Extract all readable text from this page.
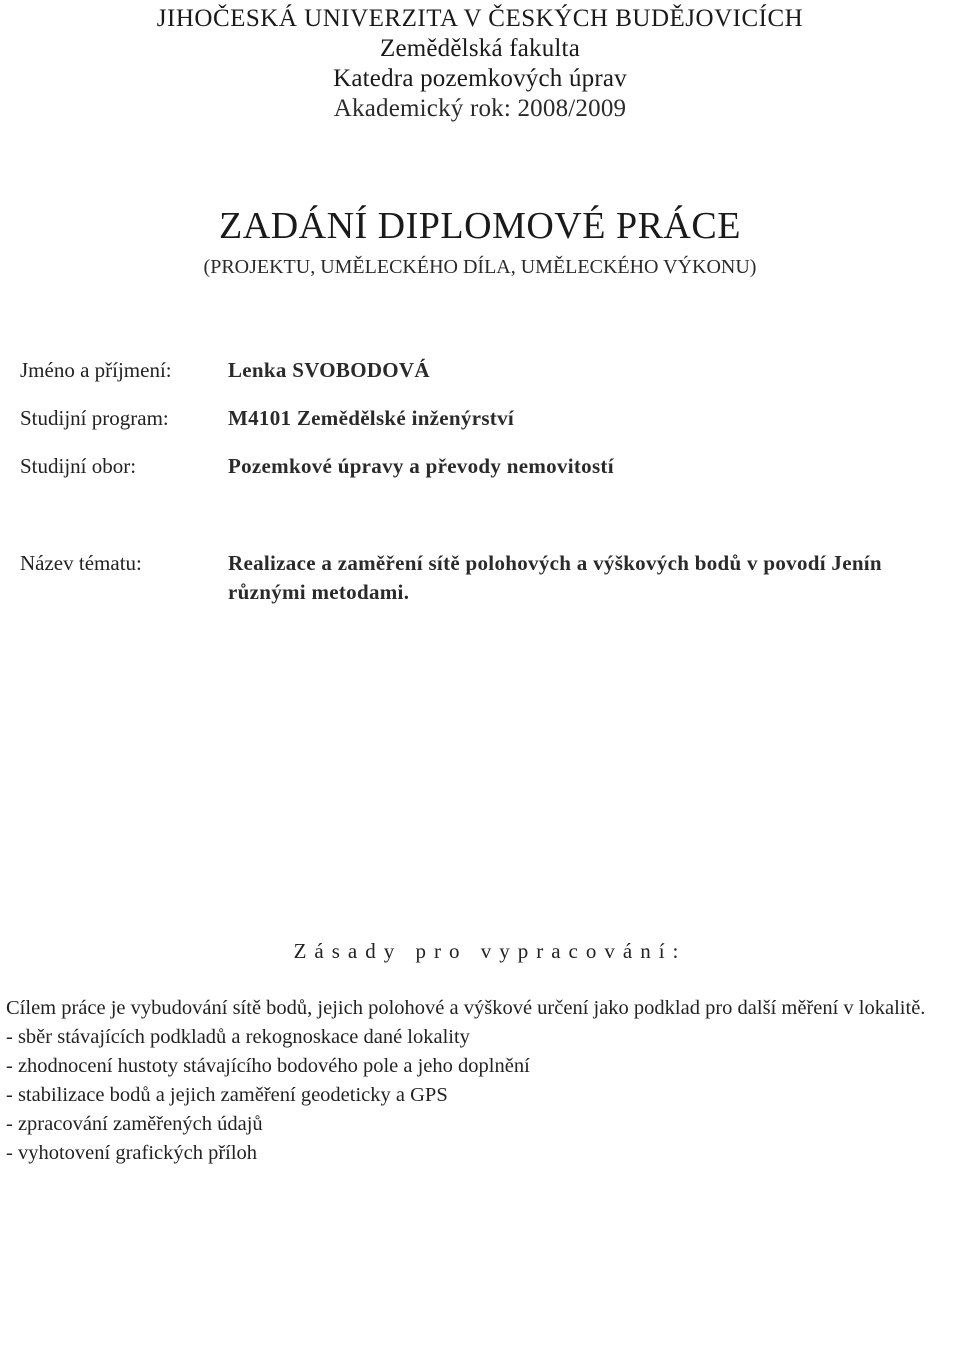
JIHOČESKÁ UNIVERZITA V ČESKÝCH BUDĚJOVICÍCH
Zemědělská fakulta
Katedra pozemkových úprav
Akademický rok: 2008/2009
ZADÁNÍ DIPLOMOVÉ PRÁCE
(PROJEKTU, UMĚLECKÉHO DÍLA, UMĚLECKÉHO VÝKONU)
Jméno a příjmení:	Lenka SVOBODOVÁ
Studijní program:	M4101 Zemědělské inženýrství
Studijní obor:	Pozemkové úpravy a převody nemovitostí
Název tématu:	Realizace a zaměření sítě polohových a výškových bodů v povodí Jenín různými metodami.
Zásady pro vypracování:

Cílem práce je vybudování sítě bodů, jejich polohové a výškové určení jako podklad pro další měření v lokalitě.

- sběr stávajících podkladů a rekognoskace dané lokality
- zhodnocení hustoty stávajícího bodového pole a jeho doplnění
- stabilizace bodů a jejich zaměření geodeticky a GPS
- zpracování zaměřených údajů
- vyhotovení grafických příloh
